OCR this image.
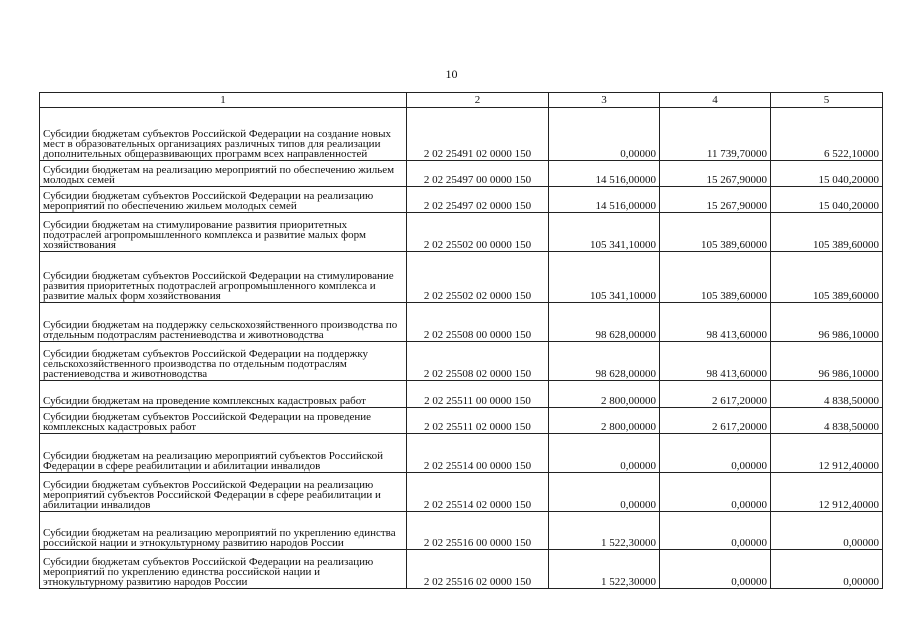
10
1	2	3	4	5
Субсидии бюджетам субъектов Российской Федерации на создание новых мест в образовательных организациях различных типов для реализации дополнительных общеразвивающих программ всех направленностей	2 02 25491 02 0000 150	0,00000	11 739,70000	6 522,10000
Субсидии бюджетам на реализацию мероприятий по обеспечению жильем молодых семей	2 02 25497 00 0000 150	14 516,00000	15 267,90000	15 040,20000
Субсидии бюджетам субъектов Российской Федерации на реализацию мероприятий по обеспечению жильем молодых семей	2 02 25497 02 0000 150	14 516,00000	15 267,90000	15 040,20000
Субсидии бюджетам на стимулирование развития приоритетных подотраслей агропромышленного комплекса и развитие малых форм хозяйствования	2 02 25502 00 0000 150	105 341,10000	105 389,60000	105 389,60000
Субсидии бюджетам субъектов Российской Федерации на стимулирование развития приоритетных подотраслей агропромышленного комплекса и развитие малых форм хозяйствования	2 02 25502 02 0000 150	105 341,10000	105 389,60000	105 389,60000
Субсидии бюджетам на поддержку сельскохозяйственного производства по отдельным подотраслям растениеводства и животноводства	2 02 25508 00 0000 150	98 628,00000	98 413,60000	96 986,10000
Субсидии бюджетам субъектов Российской Федерации на поддержку сельскохозяйственного производства по отдельным подотраслям растениеводства и животноводства	2 02 25508 02 0000 150	98 628,00000	98 413,60000	96 986,10000
Субсидии бюджетам на проведение комплексных кадастровых работ	2 02 25511 00 0000 150	2 800,00000	2 617,20000	4 838,50000
Субсидии бюджетам субъектов Российской Федерации на проведение комплексных кадастровых работ	2 02 25511 02 0000 150	2 800,00000	2 617,20000	4 838,50000
Субсидии бюджетам на реализацию мероприятий субъектов Российской Федерации в сфере реабилитации и абилитации инвалидов	2 02 25514 00 0000 150	0,00000	0,00000	12 912,40000
Субсидии бюджетам субъектов Российской Федерации на реализацию мероприятий субъектов Российской Федерации в сфере реабилитации и абилитации инвалидов	2 02 25514 02 0000 150	0,00000	0,00000	12 912,40000
Субсидии бюджетам на реализацию мероприятий по укреплению единства российской нации и этнокультурному развитию народов России	2 02 25516 00 0000 150	1 522,30000	0,00000	0,00000
Субсидии бюджетам субъектов Российской Федерации на реализацию мероприятий по укреплению единства российской нации и этнокультурному развитию народов России	2 02 25516 02 0000 150	1 522,30000	0,00000	0,00000
